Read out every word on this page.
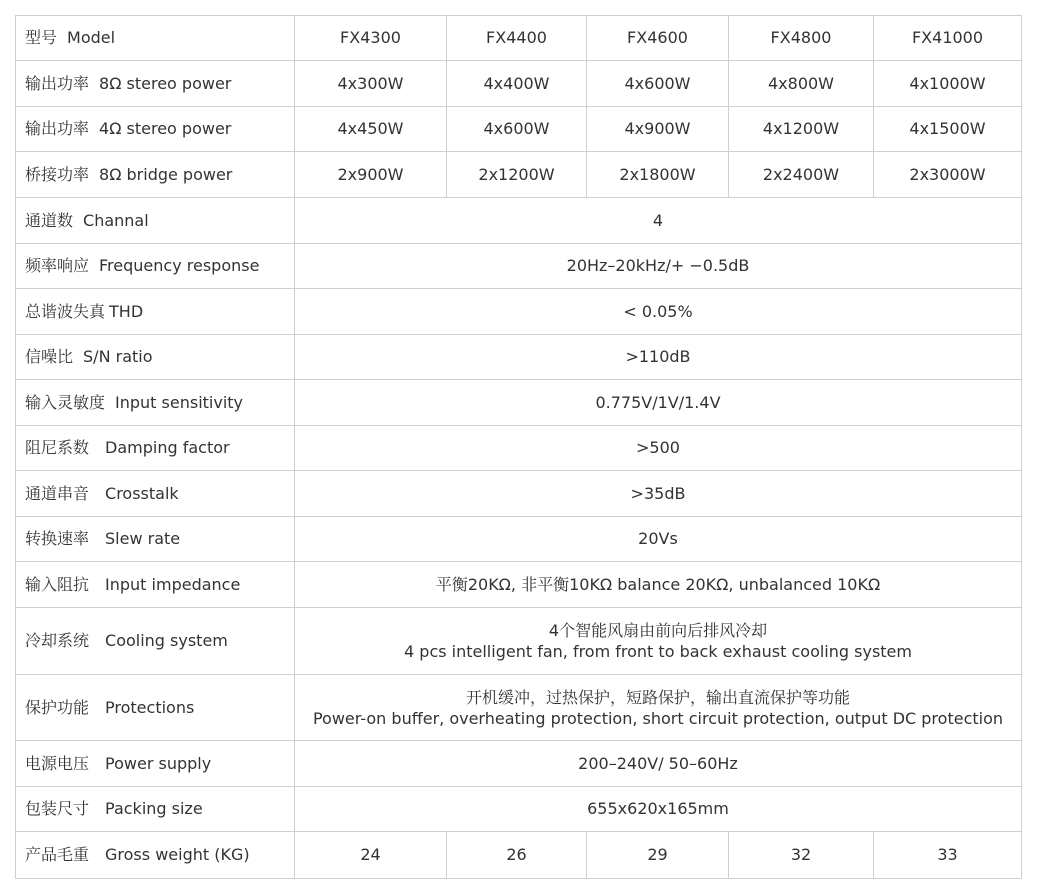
型号 Model	FX4300	FX4400	FX4600	FX4800	FX41000
输出功率 8Ω stereo power	4x300W	4x400W	4x600W	4x800W	4x1000W
输出功率 4Ω stereo power	4x450W	4x600W	4x900W	4x1200W	4x1500W
桥接功率 8Ω bridge power	2x900W	2x1200W	2x1800W	2x2400W	2x3000W
通道数 Channal	4				
频率响应 Frequency response	20Hz–20kHz/+ −0.5dB				
总谐波失真 THD	< 0.05%				
信噪比 S/N ratio	>110dB				
输入灵敏度 Input sensitivity	0.775V/1V/1.4V				
阻尼系数 Damping factor	>500				
通道串音 Crosstalk	>35dB				
转换速率 Slew rate	20Vs				
输入阻抗 Input impedance	平衡20KΩ, 非平衡10KΩ balance 20KΩ, unbalanced 10KΩ				
冷却系统 Cooling system	4个智能风扇由前向后排风冷却
4 pcs intelligent fan, from front to back exhaust cooling system				

保护功能 Protections	开机缓冲，过热保护，短路保护，输出直流保护等功能
Power-on buffer, overheating protection, short circuit protection, output DC protection				

电源电压 Power supply	200–240V/ 50–60Hz				
包装尺寸 Packing size	655x620x165mm				
产品毛重 Gross weight (KG)	24	26	29	32	33
